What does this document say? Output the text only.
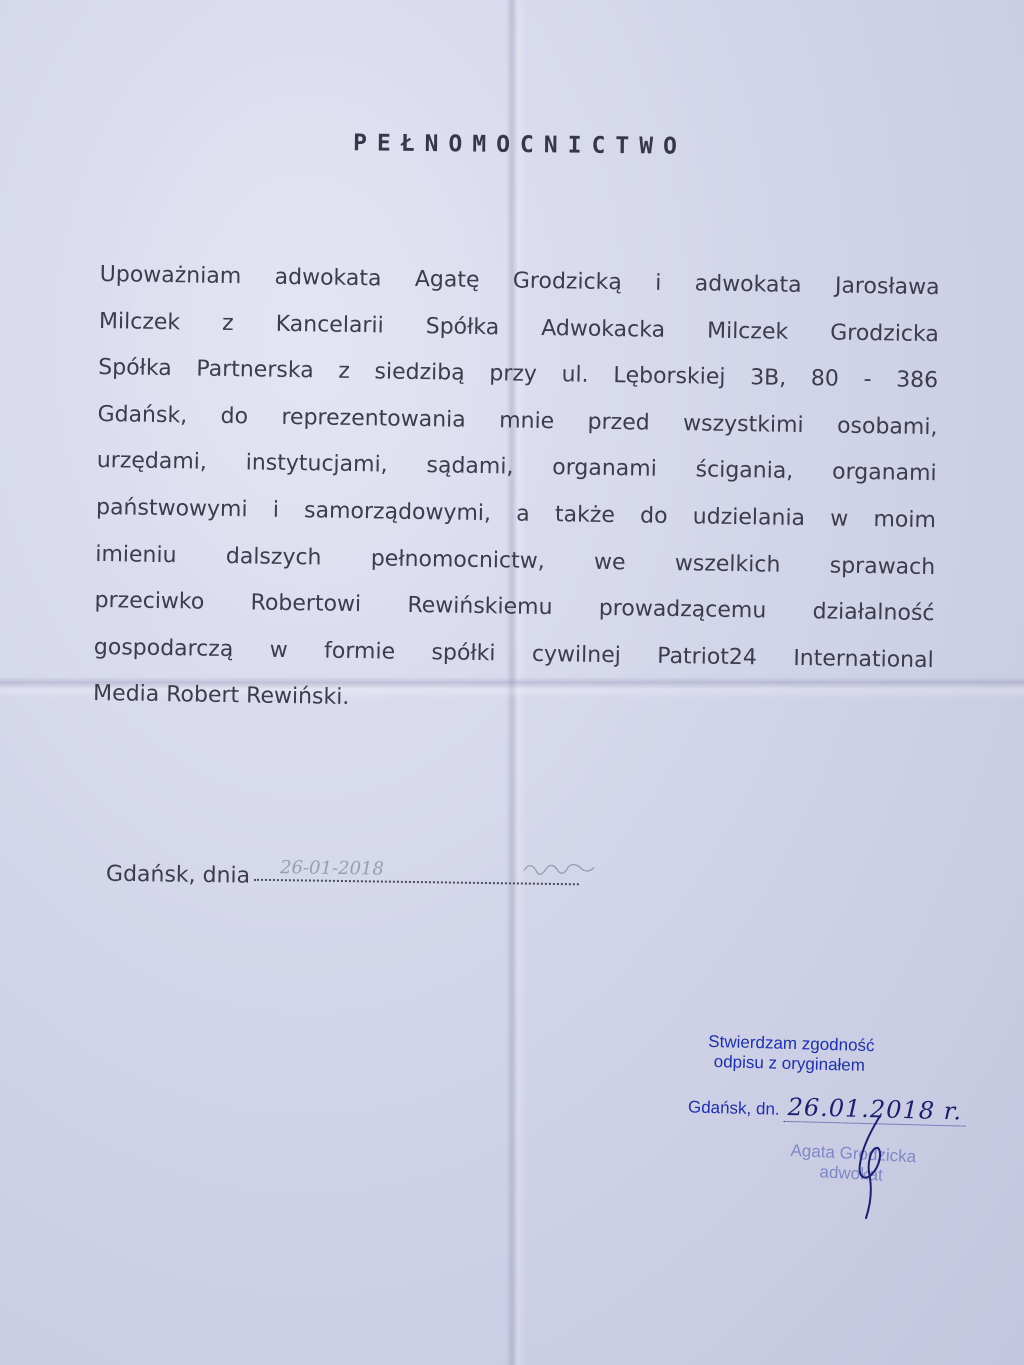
PEŁNOMOCNICTWO
Upoważniam adwokata Agatę Grodzicką i adwokata Jarosława
Milczek z Kancelarii Spółka Adwokacka Milczek Grodzicka
Spółka Partnerska z siedzibą przy ul. Lęborskiej 3B, 80 - 386
Gdańsk, do reprezentowania mnie przed wszystkimi osobami,
urzędami, instytucjami, sądami, organami ścigania, organami
państwowymi i samorządowymi, a także do udzielania w moim
imieniu dalszych pełnomocnictw, we wszelkich sprawach
przeciwko Robertowi Rewińskiemu prowadzącemu działalność
gospodarczą w formie spółki cywilnej Patriot24 International
Media Robert Rewiński.
Gdańsk, dnia 26-01-2018
Stwierdzam zgodność
odpisu z oryginałem
Gdańsk, dn. 26.01.2018 r.
Agata Grodzicka
adwokat
